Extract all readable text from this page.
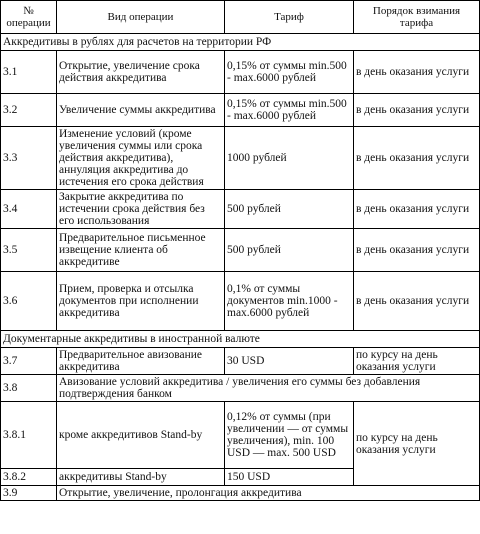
№ операции	Вид операции	Тариф	Порядок взимания тарифа
Аккредитивы в рублях для расчетов на территории РФ			
3.1	Открытие, увеличение срока действия аккредитива	0,15% от суммы min.500 - max.6000 рублей	в день оказания услуги
3.2	Увеличение суммы аккредитива	0,15% от суммы min.500 - max.6000 рублей	в день оказания услуги
3.3	Изменение условий (кроме увеличения суммы или срока действия аккредитива), аннуляция аккредитива до истечения его срока действия	1000 рублей	в день оказания услуги
3.4	Закрытие аккредитива по истечении срока действия без его использования	500 рублей	в день оказания услуги
3.5	Предварительное письменное извещение клиента об аккредитиве	500 рублей	в день оказания услуги
3.6	Прием, проверка и отсылка документов при исполнении аккредитива	0,1% от суммы документов min.1000 - max.6000 рублей	в день оказания услуги
Документарные аккредитивы в иностранной валюте			
3.7	Предварительное авизование аккредитива	30 USD	по курсу на день оказания услуги
3.8	Авизование условий аккредитива / увеличения его суммы без добавления подтверждения банком		
3.8.1	кроме аккредитивов Stand-by	0,12% от суммы (при увеличении — от суммы увеличения), min. 100 USD — max. 500 USD	по курсу на день оказания услуги
3.8.2	аккредитивы Stand-by	150 USD	
3.9	Открытие, увеличение, пролонгация аккредитива		
